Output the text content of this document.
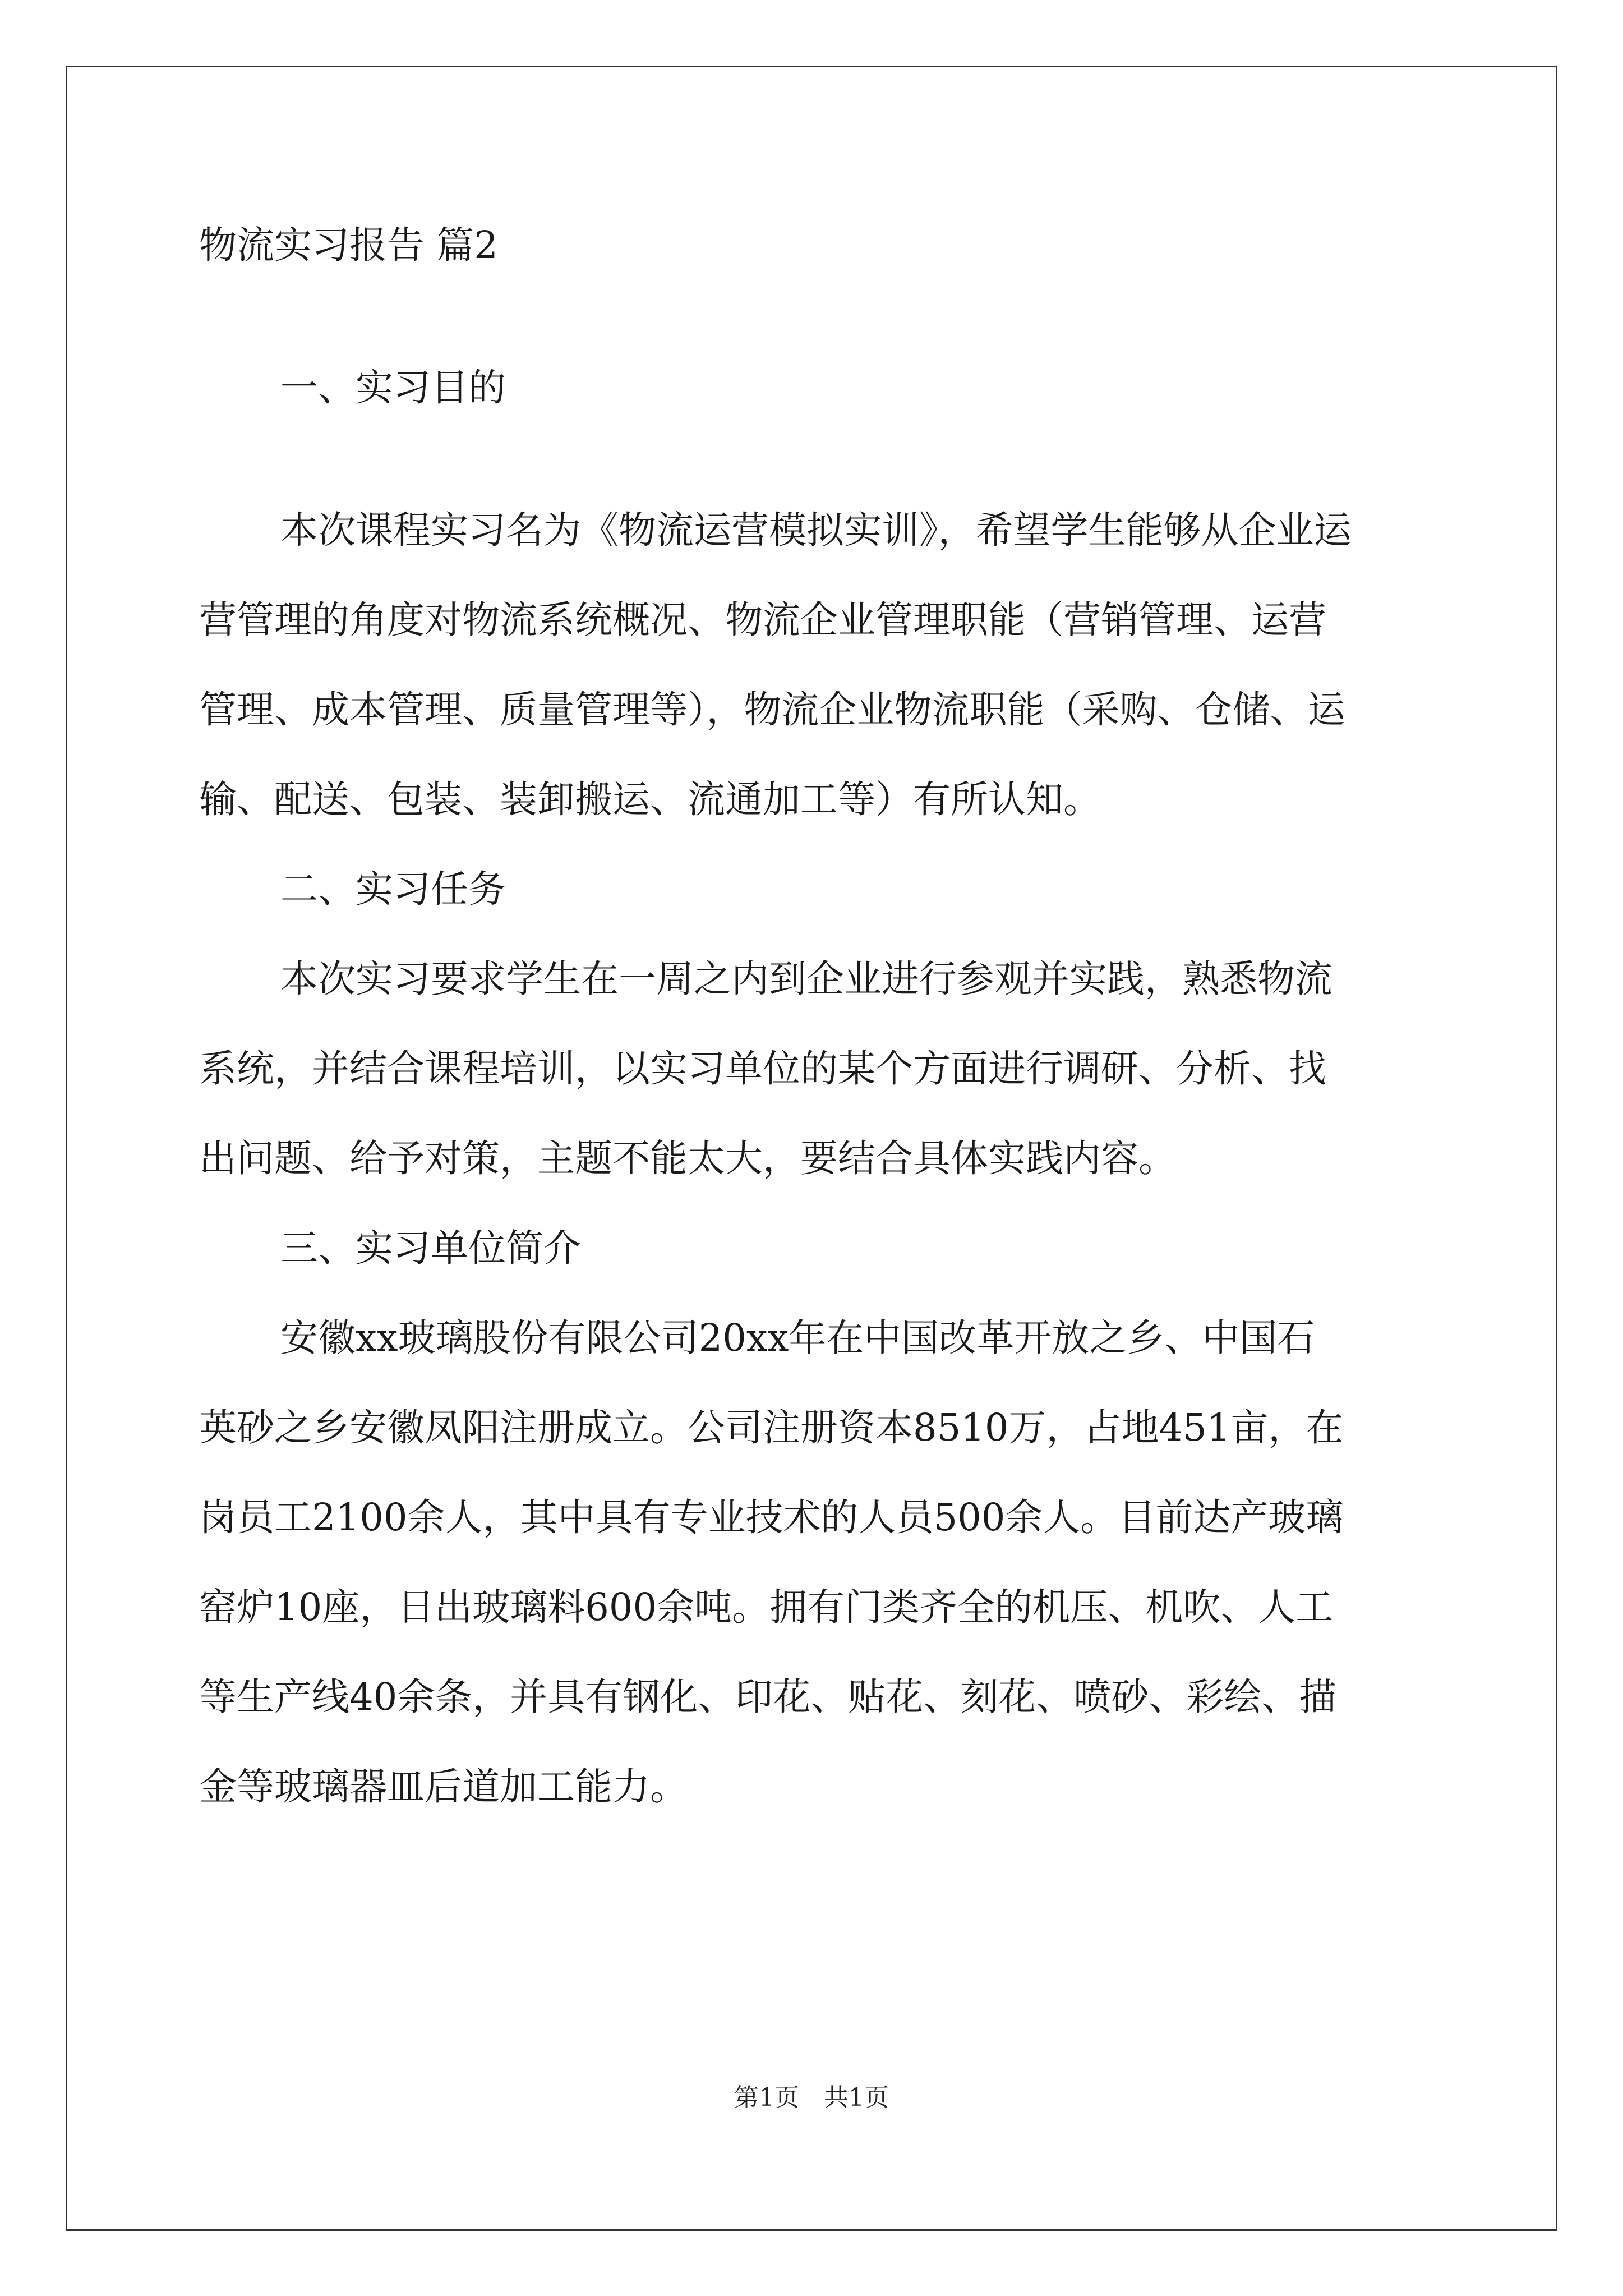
物流实习报告 篇2
一、实习目的
本次课程实习名为《物流运营模拟实训》，希望学生能够从企业运
营管理的角度对物流系统概况、物流企业管理职能（营销管理、运营
管理、成本管理、质量管理等），物流企业物流职能（采购、仓储、运
输、配送、包装、装卸搬运、流通加工等）有所认知。
二、实习任务
本次实习要求学生在一周之内到企业进行参观并实践，熟悉物流
系统，并结合课程培训，以实习单位的某个方面进行调研、分析、找
出问题、给予对策，主题不能太大，要结合具体实践内容。
三、实习单位简介
安徽xx玻璃股份有限公司20xx年在中国改革开放之乡、中国石
英砂之乡安徽凤阳注册成立。公司注册资本8510万，占地451亩，在
岗员工2100余人，其中具有专业技术的人员500余人。目前达产玻璃
窑炉10座，日出玻璃料600余吨。拥有门类齐全的机压、机吹、人工
等生产线40余条，并具有钢化、印花、贴花、刻花、喷砂、彩绘、描
金等玻璃器皿后道加工能力。
第1页　共1页
